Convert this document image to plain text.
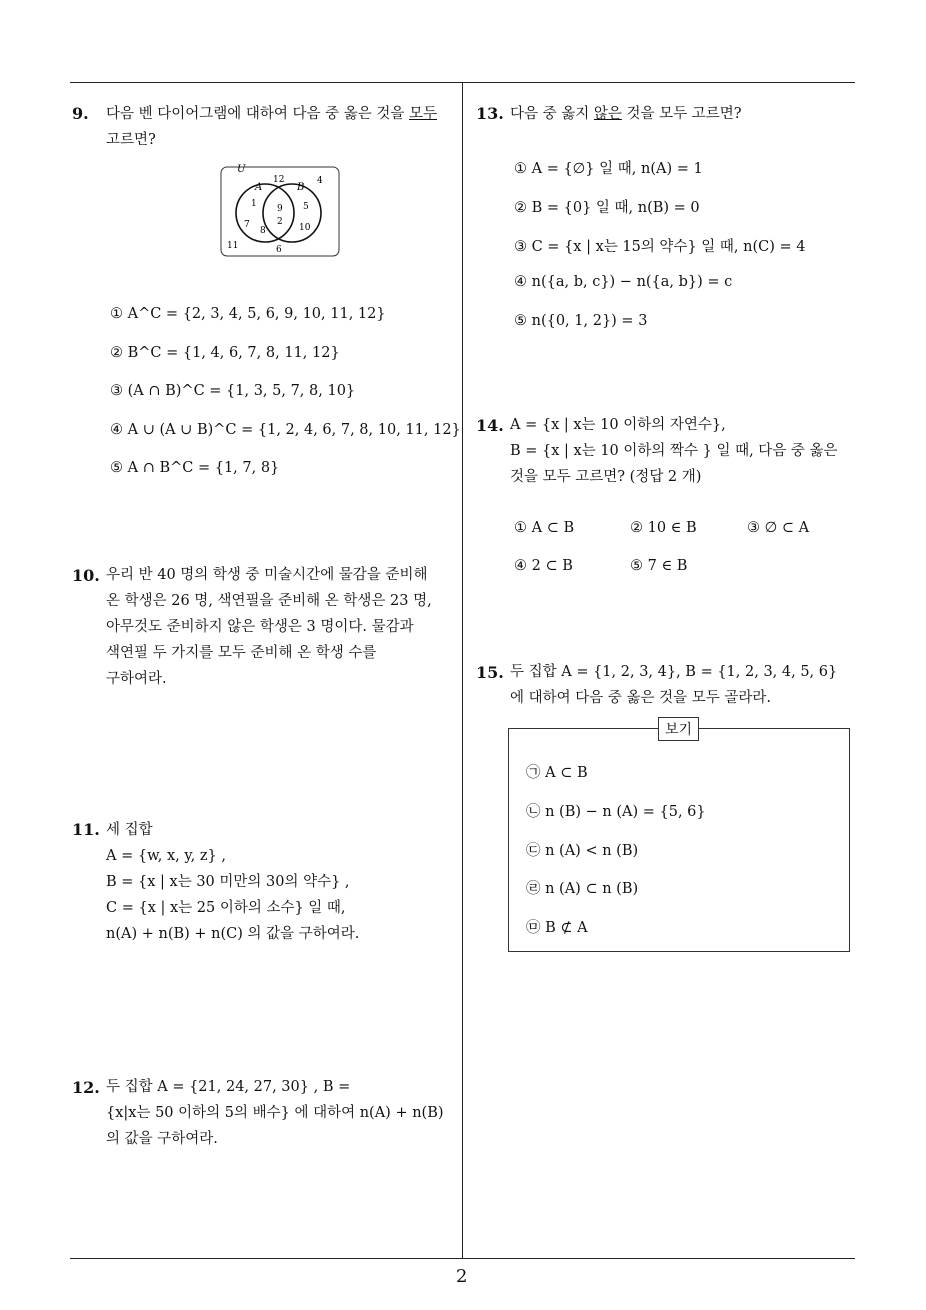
9. 다음 벤 다이어그램에 대하여 다음 중 옳은 것을 모두
고르면?
U
12	4
A	B
1 9 5
2
7
8	10
11	6
① A^C = {2, 3, 4, 5, 6, 9, 10, 11, 12}
② B^C = {1, 4, 6, 7, 8, 11, 12}
③ (A ∩ B)^C = {1, 3, 5, 7, 8, 10}
④ A ∪ (A ∪ B)^C = {1, 2, 4, 6, 7, 8, 10, 11, 12}
⑤ A ∩ B^C = {1, 7, 8}
10. 우리 반 40 명의 학생 중 미술시간에 물감을 준비해
온 학생은 26 명, 색연필을 준비해 온 학생은 23 명,
아무것도 준비하지 않은 학생은 3 명이다. 물감과
색연필 두 가지를 모두 준비해 온 학생 수를
구하여라.
11. 세 집합
A = {w, x, y, z} ,
B = {x | x는 30 미만의 30의 약수} ,
C = {x | x는 25 이하의 소수} 일 때,
n(A) + n(B) + n(C) 의 값을 구하여라.
12. 두 집합 A = {21, 24, 27, 30} , B =
{x|x는 50 이하의 5의 배수} 에 대하여 n(A) + n(B)
의 값을 구하여라.
13. 다음 중 옳지 않은 것을 모두 고르면?
① A = {∅} 일 때, n(A) = 1
② B = {0} 일 때, n(B) = 0
③ C = {x | x는 15의 약수} 일 때, n(C) = 4
④ n({a, b, c}) − n({a, b}) = c
⑤ n({0, 1, 2}) = 3
14. A = {x | x는 10 이하의 자연수},
B = {x | x는 10 이하의 짝수 } 일 때, 다음 중 옳은
것을 모두 고르면? (정답 2 개)
① A ⊂ B	② 10 ∈ B	③ ∅ ⊂ A
④ 2 ⊂ B	⑤ 7 ∈ B
15. 두 집합 A = {1, 2, 3, 4}, B = {1, 2, 3, 4, 5, 6}
에 대하여 다음 중 옳은 것을 모두 골라라.
보기
㉠ A ⊂ B
㉡ n (B) − n (A) = {5, 6}
㉢ n (A) < n (B)
㉣ n (A) ⊂ n (B)
㉤ B ⊄ A
2
